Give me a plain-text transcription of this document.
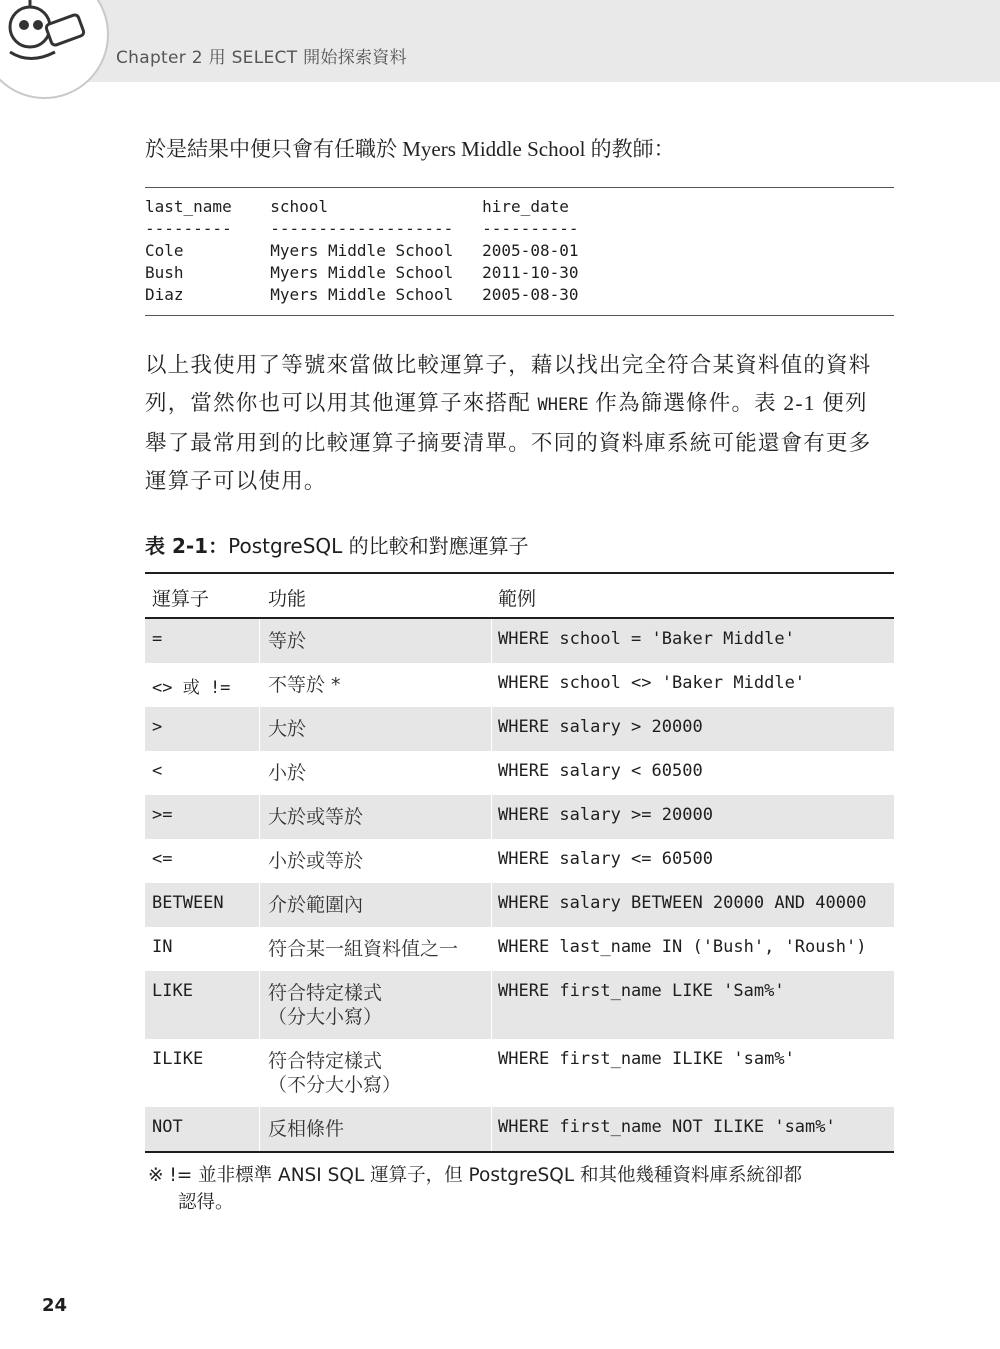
Chapter 2 用 SELECT 開始探索資料
於是結果中便只會有任職於 Myers Middle School 的教師：
last_name    school                hire_date
---------    -------------------   ----------
Cole         Myers Middle School   2005-08-01
Bush         Myers Middle School   2011-10-30
Diaz         Myers Middle School   2005-08-30
以上我使用了等號來當做比較運算子，藉以找出完全符合某資料值的資料
列，當然你也可以用其他運算子來搭配 WHERE 作為篩選條件。表 2-1 便列
舉了最常用到的比較運算子摘要清單。不同的資料庫系統可能還會有更多
運算子可以使用。
表 2-1：PostgreSQL 的比較和對應運算子
運算子	功能	範例
=	等於	WHERE school = 'Baker Middle'
<> 或 != 不等於 *	WHERE school <> 'Baker Middle'
>	大於	WHERE salary > 20000
<	小於	WHERE salary < 60500
>=	大於或等於	WHERE salary >= 20000
<=	小於或等於	WHERE salary <= 60500
BETWEEN 介於範圍內	WHERE salary BETWEEN 20000 AND 40000
IN	符合某一組資料值之一 WHERE last_name IN ('Bush', 'Roush')
LIKE	符合特定樣式
（分大小寫）
WHERE first_name LIKE 'Sam%'
ILIKE	符合特定樣式
（不分大小寫）
WHERE first_name ILIKE 'sam%'
NOT	反相條件	WHERE first_name NOT ILIKE 'sam%'
※ != 並非標準 ANSI SQL 運算子，但 PostgreSQL 和其他幾種資料庫系統卻都
認得。
24
